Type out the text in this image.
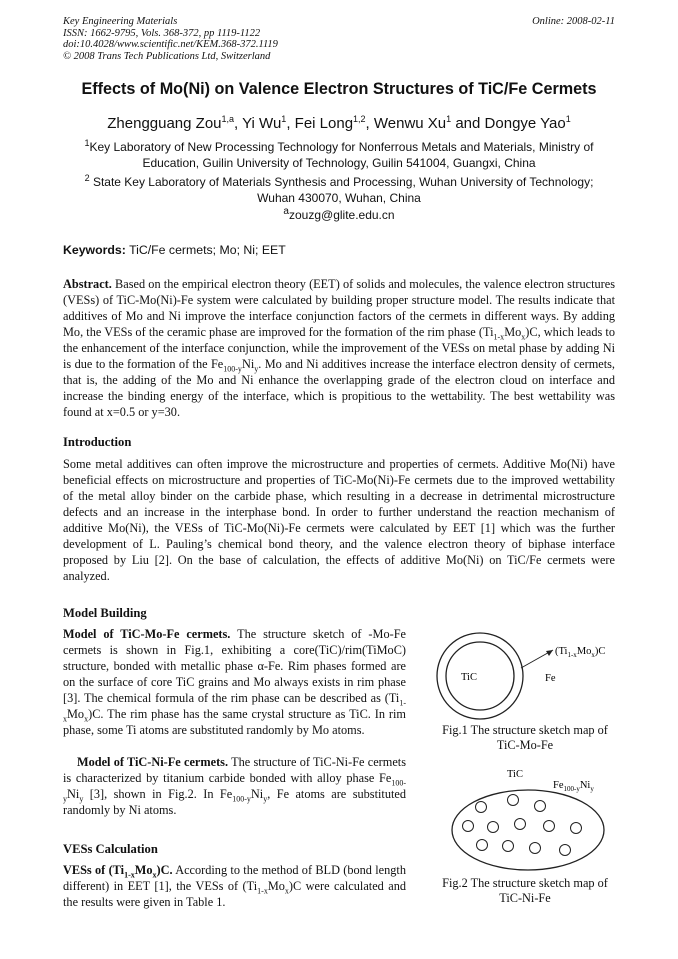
Key Engineering Materials
ISSN: 1662-9795, Vols. 368-372, pp 1119-1122
doi:10.4028/www.scientific.net/KEM.368-372.1119
© 2008 Trans Tech Publications Ltd, Switzerland
Online: 2008-02-11
Effects of Mo(Ni) on Valence Electron Structures of TiC/Fe Cermets
Zhengguang Zou$^{1,a}$, Yi Wu$^1$, Fei Long$^{1,2}$, Wenwu Xu$^1$ and Dongye Yao$^1$
$^1$Key Laboratory of New Processing Technology for Nonferrous Metals and Materials, Ministry of Education, Guilin University of Technology, Guilin 541004, Guangxi, China
$^2$ State Key Laboratory of Materials Synthesis and Processing, Wuhan University of Technology; Wuhan 430070, Wuhan, China
$^a$zouzg@glite.edu.cn
Keywords: TiC/Fe cermets; Mo; Ni; EET
Abstract. Based on the empirical electron theory (EET) of solids and molecules, the valence electron structures (VESs) of TiC-Mo(Ni)-Fe system were calculated by building proper structure model. The results indicate that additives of Mo and Ni improve the interface conjunction factors of the cermets in different ways. By adding Mo, the VESs of the ceramic phase are improved for the formation of the rim phase $(Ti_{1-x}Mo_x)C$, which leads to the enhancement of the interface conjunction, while the improvement of the VESs on metal phase by adding Ni is due to the formation of the $Fe_{100-y}Ni_y$. Mo and Ni additives increase the interface electron density of cermets, that is, the adding of the Mo and Ni enhance the overlapping grade of the electron cloud on interface and increase the binding energy of the interface, which is propitious to the wettability. The best wettability was found at x=0.5 or y=30.
Introduction
Some metal additives can often improve the microstructure and properties of cermets. Additive Mo(Ni) have beneficial effects on microstructure and properties of TiC-Mo(Ni)-Fe cermets due to the improved wettability of the metal alloy binder on the carbide phase, which resulting in a decrease in detrimental microstructure defects and an increase in the interphase bond. In order to further understand the reaction mechanism of additive Mo(Ni), the VESs of TiC-Mo(Ni)-Fe cermets were calculated by EET [1] which was the further development of L. Pauling’s chemical bond theory, and the valence electron theory of biphase interface proposed by Liu [2]. On the base of calculation, the effects of additive Mo(Ni) on TiC/Fe cermets were analyzed.
Model Building
Model of TiC-Mo-Fe cermets. The structure sketch of -Mo-Fe cermets is shown in Fig.1, exhibiting a core(TiC)/rim(TiMoC) structure, bonded with metallic phase α-Fe. Rim phases formed are on the surface of core TiC grains and Mo always exists in rim phase [3]. The chemical formula of the rim phase can be described as $(Ti_{1-x}Mo_x)C$. The rim phase has the same crystal structure as TiC. In rim phase, some Ti atoms are substituted randomly by Mo atoms.
Model of TiC-Ni-Fe cermets. The structure of TiC-Ni-Fe cermets is characterized by titanium carbide bonded with alloy phase $Fe_{100-y}Ni_y$ [3], shown in Fig.2. In $Fe_{100-y}Ni_y$, Fe atoms are substituted randomly by Ni atoms.
VESs Calculation
VESs of $(Ti_{1-x}Mo_x)C$. According to the method of BLD (bond length different) in EET [1], the VESs of $(Ti_{1-x}Mo_x)C$ were calculated and the results were given in Table 1.
$(Ti_{1-x}Mo_x)C$
TiC	Fe
Fig.1 The structure sketch map of
TiC-Mo-Fe
TiC
$Fe_{100-y}Ni_y$
Fig.2 The structure sketch map of
TiC-Ni-Fe
